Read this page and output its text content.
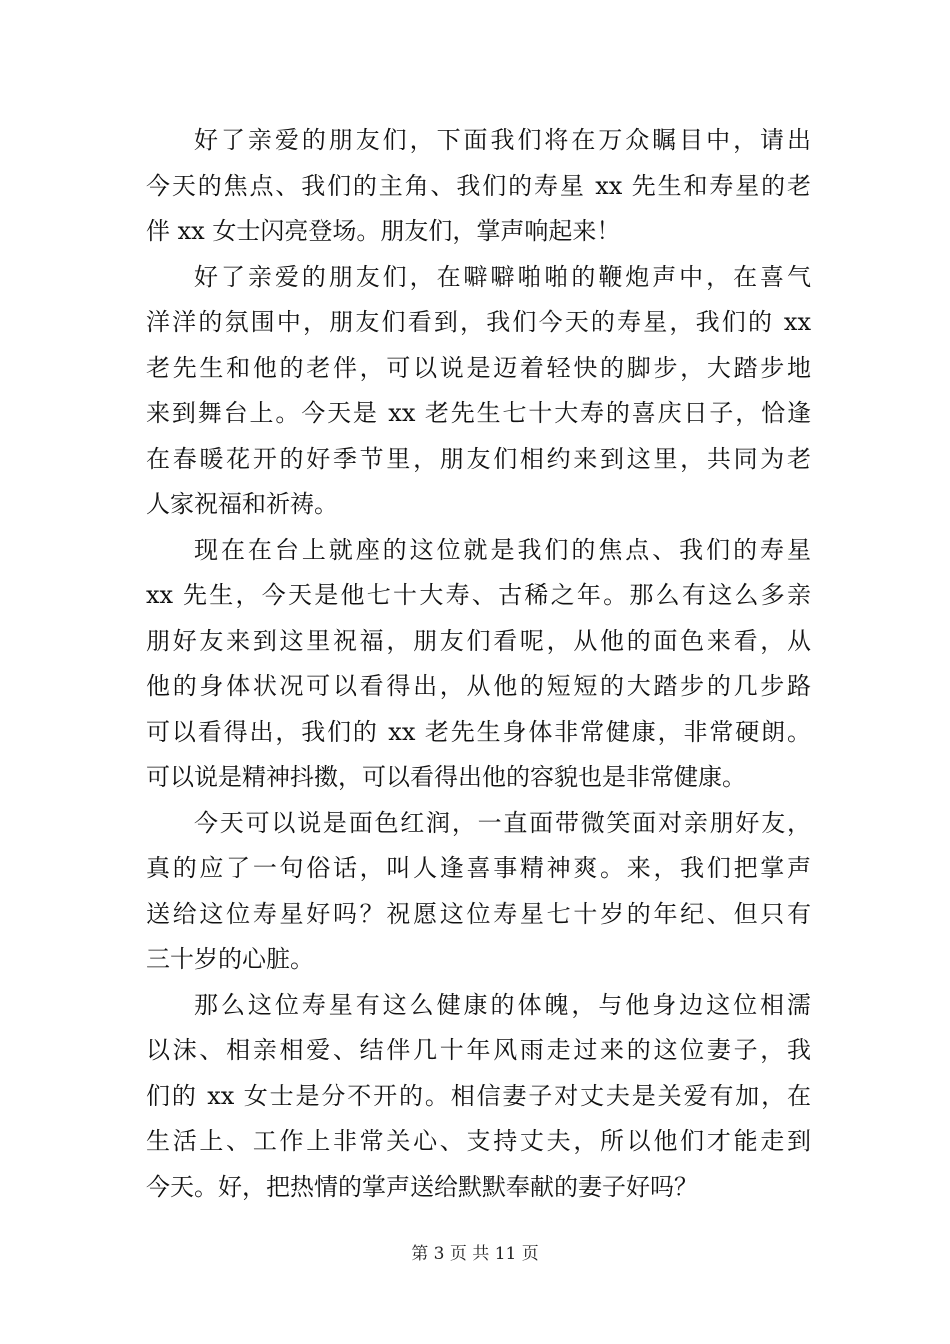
好了亲爱的朋友们，下面我们将在万众瞩目中，请出
今天的焦点、我们的主角、我们的寿星 xx 先生和寿星的老
伴 xx 女士闪亮登场。朋友们，掌声响起来！
好了亲爱的朋友们，在噼噼啪啪的鞭炮声中，在喜气
洋洋的氛围中，朋友们看到，我们今天的寿星，我们的 xx
老先生和他的老伴，可以说是迈着轻快的脚步，大踏步地
来到舞台上。今天是 xx 老先生七十大寿的喜庆日子，恰逢
在春暖花开的好季节里，朋友们相约来到这里，共同为老
人家祝福和祈祷。
现在在台上就座的这位就是我们的焦点、我们的寿星
xx 先生，今天是他七十大寿、古稀之年。那么有这么多亲
朋好友来到这里祝福，朋友们看呢，从他的面色来看，从
他的身体状况可以看得出，从他的短短的大踏步的几步路
可以看得出，我们的 xx 老先生身体非常健康，非常硬朗。
可以说是精神抖擞，可以看得出他的容貌也是非常健康。
今天可以说是面色红润，一直面带微笑面对亲朋好友，
真的应了一句俗话，叫人逢喜事精神爽。来，我们把掌声
送给这位寿星好吗？祝愿这位寿星七十岁的年纪、但只有
三十岁的心脏。
那么这位寿星有这么健康的体魄，与他身边这位相濡
以沫、相亲相爱、结伴几十年风雨走过来的这位妻子，我
们的 xx 女士是分不开的。相信妻子对丈夫是关爱有加，在
生活上、工作上非常关心、支持丈夫，所以他们才能走到
今天。好，把热情的掌声送给默默奉献的妻子好吗？
第 3 页 共 11 页
